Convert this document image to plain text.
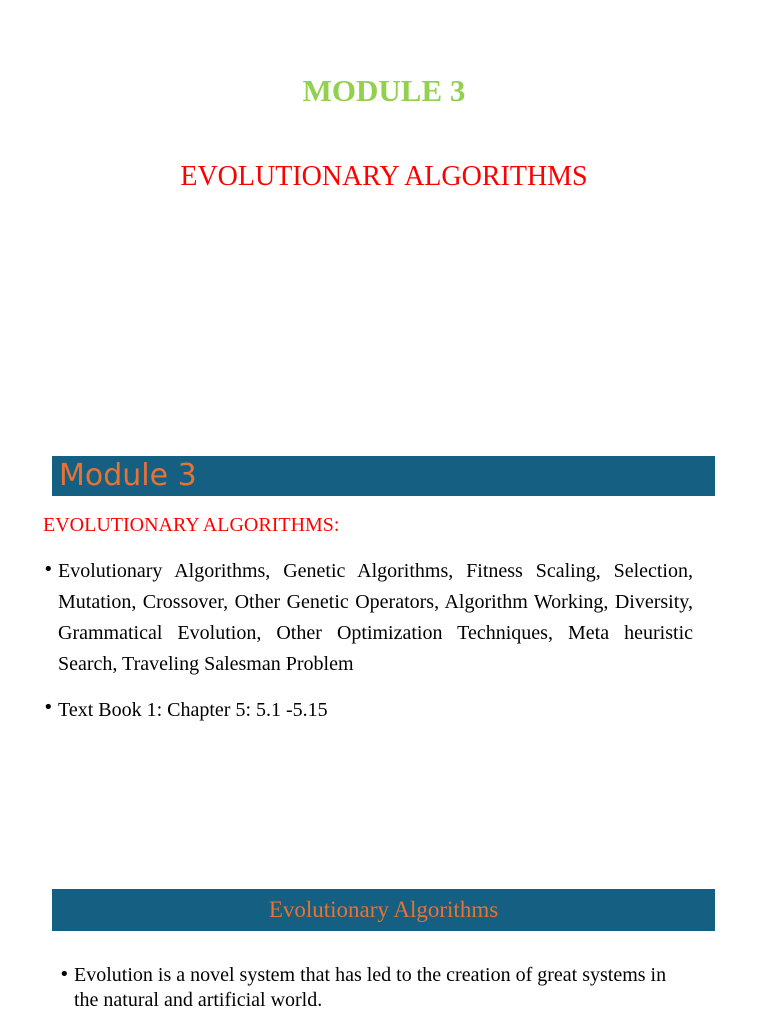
MODULE 3
EVOLUTIONARY ALGORITHMS
Module 3
EVOLUTIONARY ALGORITHMS:
• Evolutionary Algorithms, Genetic Algorithms, Fitness Scaling, Selection, Mutation, Crossover, Other Genetic Operators, Algorithm Working, Diversity, Grammatical Evolution, Other Optimization Techniques, Meta heuristic Search, Traveling Salesman Problem
• Text Book 1: Chapter 5: 5.1 -5.15
Evolutionary Algorithms
• Evolution is a novel system that has led to the creation of great systems in the natural and artificial world.
